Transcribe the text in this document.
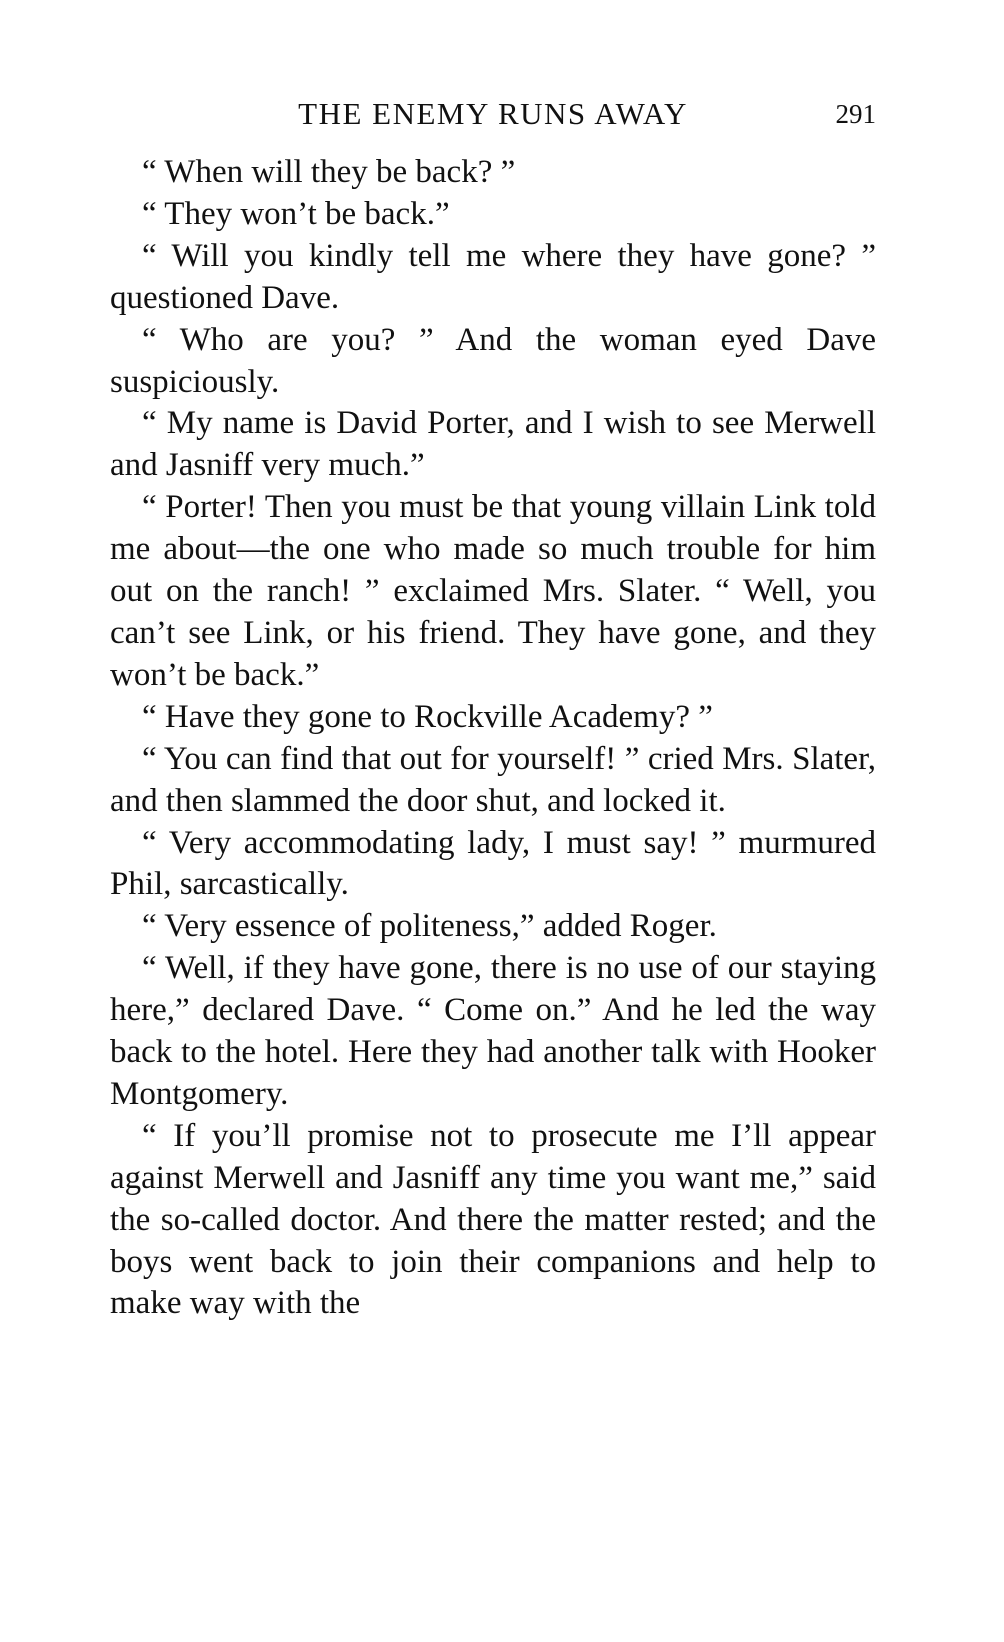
THE ENEMY RUNS AWAY	291

“ When will they be back? ”

“ They won’t be back.”

“ Will you kindly tell me where they have gone? ” questioned Dave.

“ Who are you? ” And the woman eyed Dave suspiciously.

“ My name is David Porter, and I wish to see Merwell and Jasniff very much.”

“ Porter! Then you must be that young villain Link told me about—the one who made so much trouble for him out on the ranch! ” exclaimed Mrs. Slater. “ Well, you can’t see Link, or his friend. They have gone, and they won’t be back.”

“ Have they gone to Rockville Academy? ”

“ You can find that out for yourself! ” cried Mrs. Slater, and then slammed the door shut, and locked it.

“ Very accommodating lady, I must say! ” murmured Phil, sarcastically.

“ Very essence of politeness,” added Roger.

“ Well, if they have gone, there is no use of our staying here,” declared Dave. “ Come on.” And he led the way back to the hotel. Here they had another talk with Hooker Montgomery.

“ If you’ll promise not to prosecute me I’ll appear against Merwell and Jasniff any time you want me,” said the so-called doctor. And there the matter rested; and the boys went back to join their companions and help to make way with the
